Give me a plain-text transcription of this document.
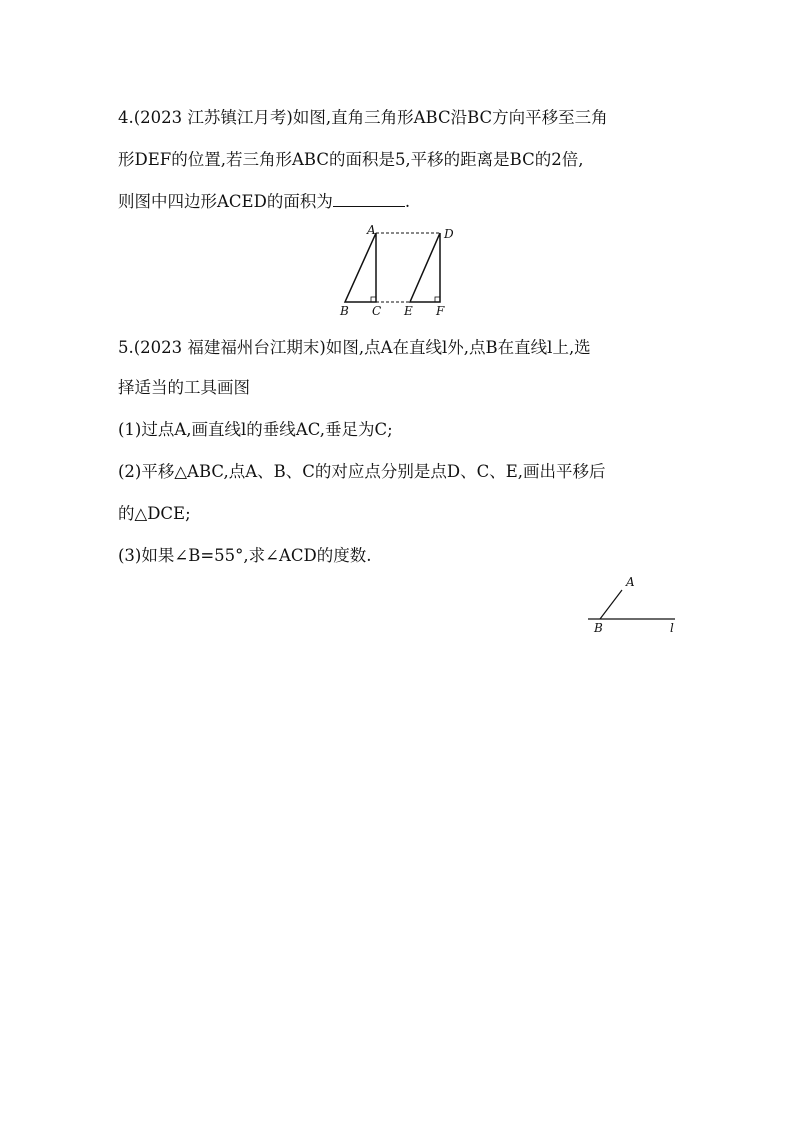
4.(2023 江苏镇江月考)如图,直角三角形ABC沿BC方向平移至三角
形DEF的位置,若三角形ABC的面积是5,平移的距离是BC的2倍,
则图中四边形ACED的面积为	.
A	D
B C E F
5.(2023 福建福州台江期末)如图,点A在直线l外,点B在直线l上,选
择适当的工具画图
(1)过点A,画直线l的垂线AC,垂足为C;
(2)平移△ABC,点A、B、C的对应点分别是点D、C、E,画出平移后
的△DCE;
(3)如果∠B=55°,求∠ACD的度数.
A
B	l
